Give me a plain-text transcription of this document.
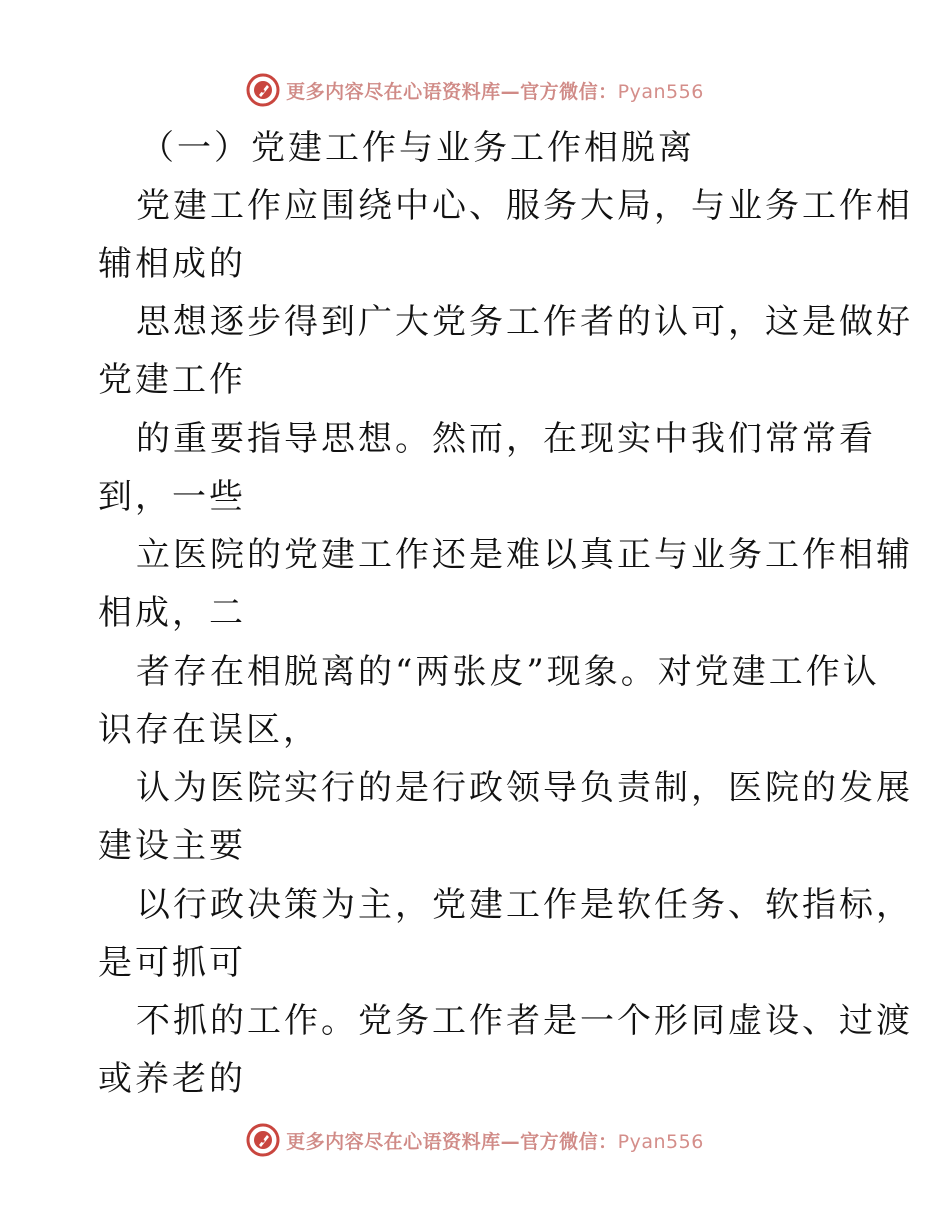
更多内容尽在心语资料库—官方微信：Pyan556
（一）党建工作与业务工作相脱离
党建工作应围绕中心、服务大局，与业务工作相
辅相成的
思想逐步得到广大党务工作者的认可，这是做好
党建工作
的重要指导思想。然而，在现实中我们常常看
到，一些
立医院的党建工作还是难以真正与业务工作相辅
相成，二
者存在相脱离的“两张皮”现象。对党建工作认
识存在误区，
认为医院实行的是行政领导负责制，医院的发展
建设主要
以行政决策为主，党建工作是软任务、软指标，
是可抓可
不抓的工作。党务工作者是一个形同虚设、过渡
或养老的
更多内容尽在心语资料库—官方微信：Pyan556
